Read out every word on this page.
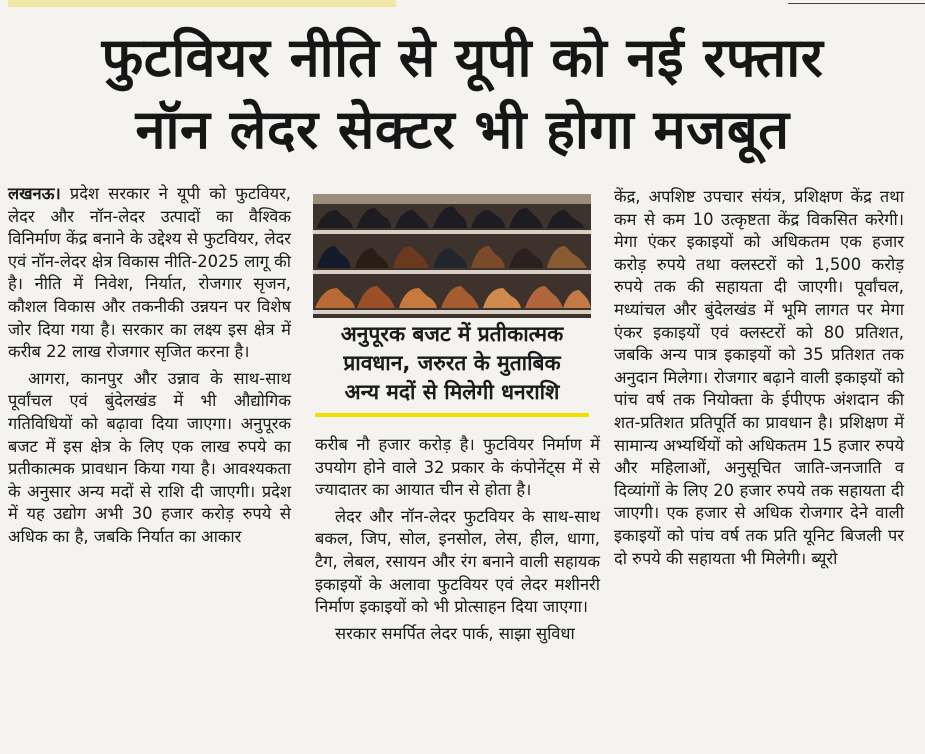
फुटवियर नीति से यूपी को नई रफ्तार
नॉन लेदर सेक्टर भी होगा मजबूत

लखनऊ। प्रदेश सरकार ने यूपी को फुटवियर, लेदर और नॉन-लेदर उत्पादों का वैश्विक विनिर्माण केंद्र बनाने के उद्देश्य से फुटवियर, लेदर एवं नॉन-लेदर क्षेत्र विकास नीति-2025 लागू की है। नीति में निवेश, निर्यात, रोजगार सृजन, कौशल विकास और तकनीकी उन्नयन पर विशेष जोर दिया गया है। सरकार का लक्ष्य इस क्षेत्र में करीब 22 लाख रोजगार सृजित करना है।

आगरा, कानपुर और उन्नाव के साथ-साथ पूर्वांचल एवं बुंदेलखंड में भी औद्योगिक गतिविधियों को बढ़ावा दिया जाएगा। अनुपूरक बजट में इस क्षेत्र के लिए एक लाख रुपये का प्रतीकात्मक प्रावधान किया गया है। आवश्यकता के अनुसार अन्य मदों से राशि दी जाएगी। प्रदेश में यह उद्योग अभी 30 हजार करोड़ रुपये से अधिक का है, जबकि निर्यात का आकार

अनुपूरक बजट में प्रतीकात्मक
प्रावधान, जरुरत के मुताबिक
अन्य मदों से मिलेगी धनराशि

करीब नौ हजार करोड़ है। फुटवियर निर्माण में उपयोग होने वाले 32 प्रकार के कंपोनेंट्स में से ज्यादातर का आयात चीन से होता है।

लेदर और नॉन-लेदर फुटवियर के साथ-साथ बकल, जिप, सोल, इनसोल, लेस, हील, धागा, टैग, लेबल, रसायन और रंग बनाने वाली सहायक इकाइयों के अलावा फुटवियर एवं लेदर मशीनरी निर्माण इकाइयों को भी प्रोत्साहन दिया जाएगा।

सरकार समर्पित लेदर पार्क, साझा सुविधा

केंद्र, अपशिष्ट उपचार संयंत्र, प्रशिक्षण केंद्र तथा कम से कम 10 उत्कृष्टता केंद्र विकसित करेगी। मेगा एंकर इकाइयों को अधिकतम एक हजार करोड़ रुपये तथा क्लस्टरों को 1,500 करोड़ रुपये तक की सहायता दी जाएगी। पूर्वांचल, मध्यांचल और बुंदेलखंड में भूमि लागत पर मेगा एंकर इकाइयों एवं क्लस्टरों को 80 प्रतिशत, जबकि अन्य पात्र इकाइयों को 35 प्रतिशत तक अनुदान मिलेगा। रोजगार बढ़ाने वाली इकाइयों को पांच वर्ष तक नियोक्ता के ईपीएफ अंशदान की शत-प्रतिशत प्रतिपूर्ति का प्रावधान है। प्रशिक्षण में सामान्य अभ्यर्थियों को अधिकतम 15 हजार रुपये और महिलाओं, अनुसूचित जाति-जनजाति व दिव्यांगों के लिए 20 हजार रुपये तक सहायता दी जाएगी। एक हजार से अधिक रोजगार देने वाली इकाइयों को पांच वर्ष तक प्रति यूनिट बिजली पर दो रुपये की सहायता भी मिलेगी। ब्यूरो
